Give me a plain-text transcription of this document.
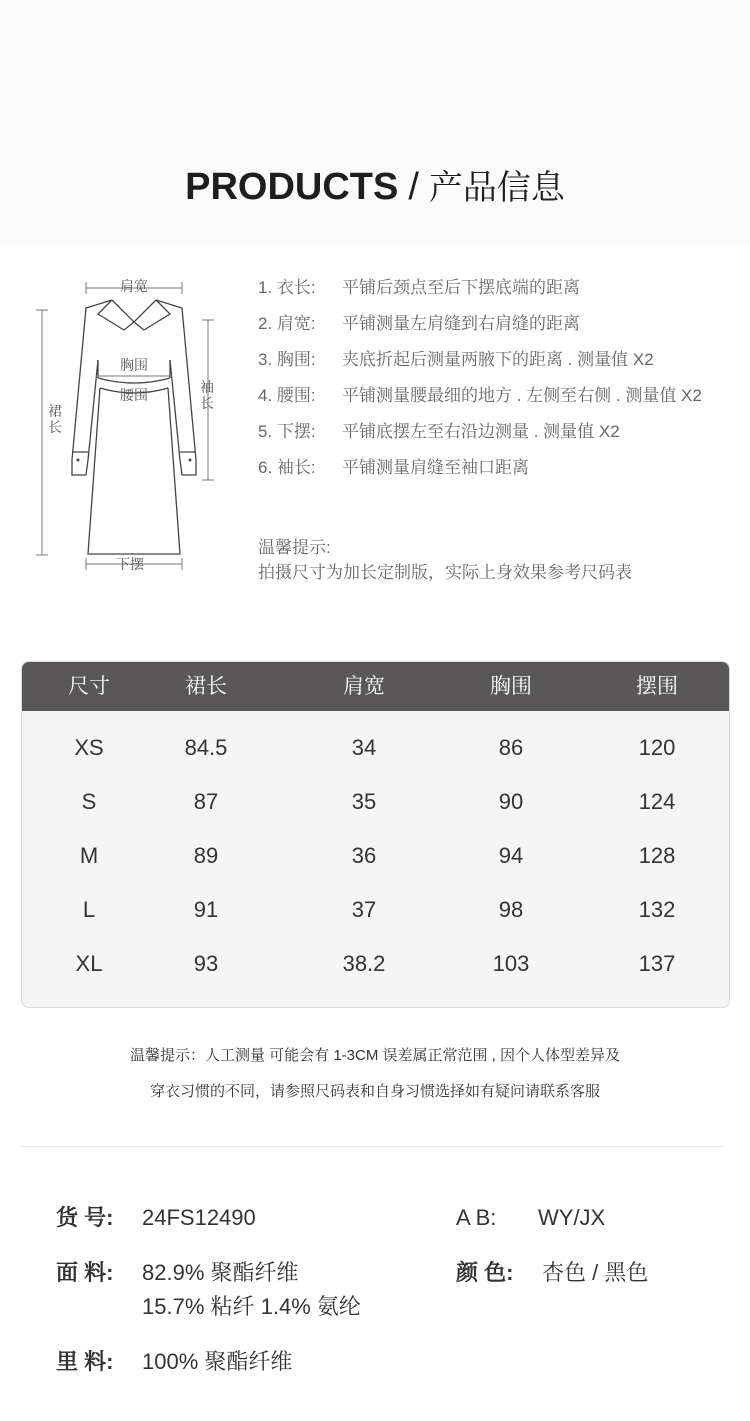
PRODUCTS / 产品信息
肩宽
裙
长
袖
长
胸围
腰围
下摆
1. 衣长: 平铺后颈点至后下摆底端的距离
2. 肩宽: 平铺测量左肩缝到右肩缝的距离
3. 胸围: 夹底折起后测量两腋下的距离 . 测量值 X2
4. 腰围: 平铺测量腰最细的地方 . 左侧至右侧 . 测量值 X2
5. 下摆: 平铺底摆左至右沿边测量 . 测量值 X2
6. 袖长: 平铺测量肩缝至袖口距离
温馨提示:
拍摄尺寸为加长定制版，实际上身效果参考尺码表
尺寸	裙长	肩宽	胸围	摆围
XS	84.5	34	86	120
S	87	35	90	124
M	89	36	94	128
L	91	37	98	132
XL	93	38.2	103	137
温馨提示：人工测量 可能会有 1-3CM 误差属正常范围 , 因个人体型差异及
穿衣习惯的不同，请参照尺码表和自身习惯选择如有疑问请联系客服
货 号: 24FS12490	A B: WY/JX
面 料: 82.9% 聚酯纤维
15.7% 粘纤 1.4% 氨纶
颜 色: 杏色 / 黑色
里 料: 100% 聚酯纤维
